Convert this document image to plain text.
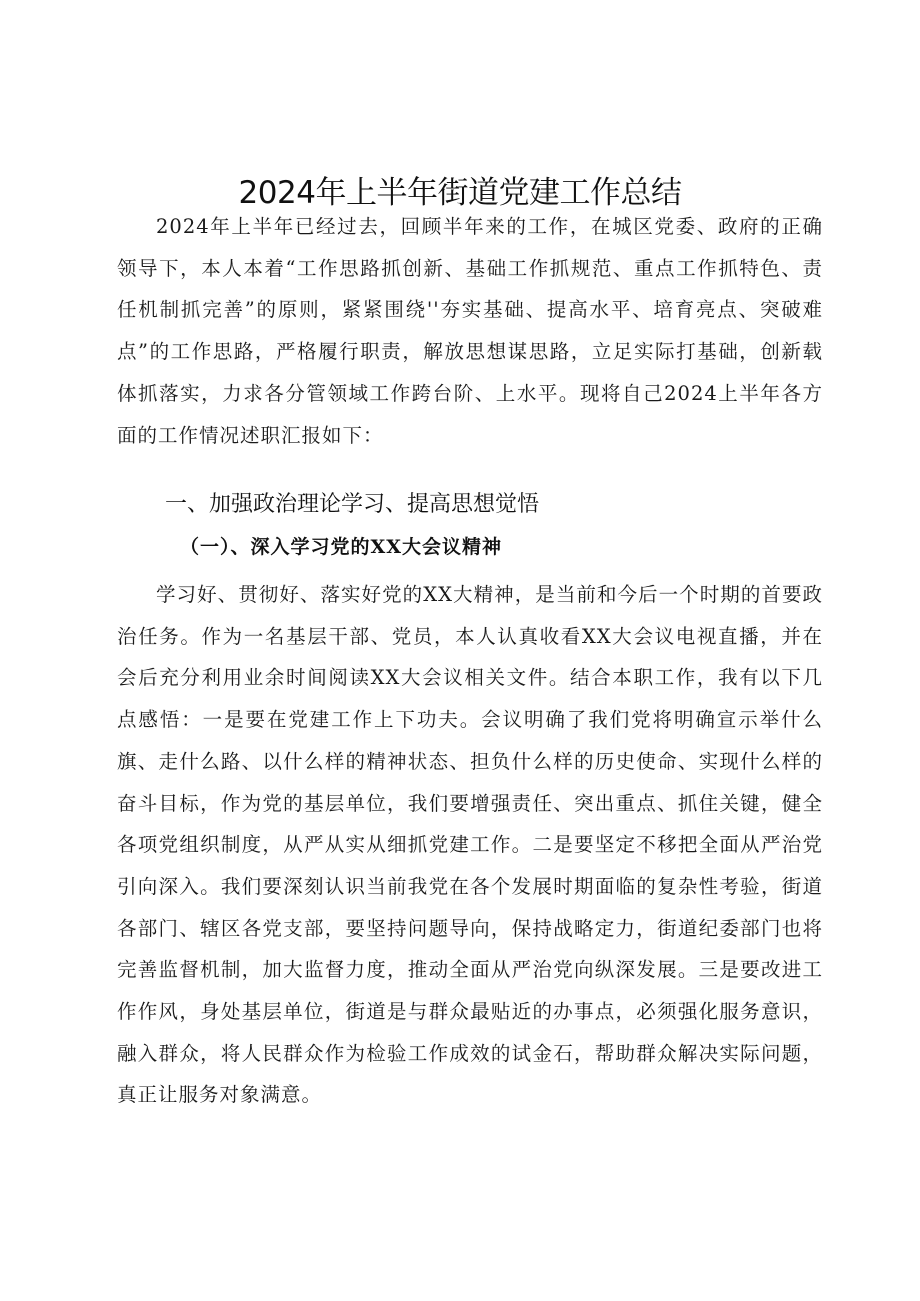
2024年上半年街道党建工作总结

2024年上半年已经过去，回顾半年来的工作，在城区党委、政府的正确领导下，本人本着“工作思路抓创新、基础工作抓规范、重点工作抓特色、责任机制抓完善”的原则，紧紧围绕''夯实基础、提高水平、培育亮点、突破难点”的工作思路，严格履行职责，解放思想谋思路，立足实际打基础，创新载体抓落实，力求各分管领域工作跨台阶、上水平。现将自己2024上半年各方面的工作情况述职汇报如下：

一、加强政治理论学习、提高思想觉悟
（一）、深入学习党的XX大会议精神

学习好、贯彻好、落实好党的XX大精神，是当前和今后一个时期的首要政治任务。作为一名基层干部、党员，本人认真收看XX大会议电视直播，并在会后充分利用业余时间阅读XX大会议相关文件。结合本职工作，我有以下几点感悟：一是要在党建工作上下功夫。会议明确了我们党将明确宣示举什么旗、走什么路、以什么样的精神状态、担负什么样的历史使命、实现什么样的奋斗目标，作为党的基层单位，我们要增强责任、突出重点、抓住关键，健全各项党组织制度，从严从实从细抓党建工作。二是要坚定不移把全面从严治党引向深入。我们要深刻认识当前我党在各个发展时期面临的复杂性考验，街道各部门、辖区各党支部，要坚持问题导向，保持战略定力，街道纪委部门也将完善监督机制，加大监督力度，推动全面从严治党向纵深发展。三是要改进工作作风，身处基层单位，街道是与群众最贴近的办事点，必须强化服务意识，融入群众，将人民群众作为检验工作成效的试金石，帮助群众解决实际问题，真正让服务对象满意。
